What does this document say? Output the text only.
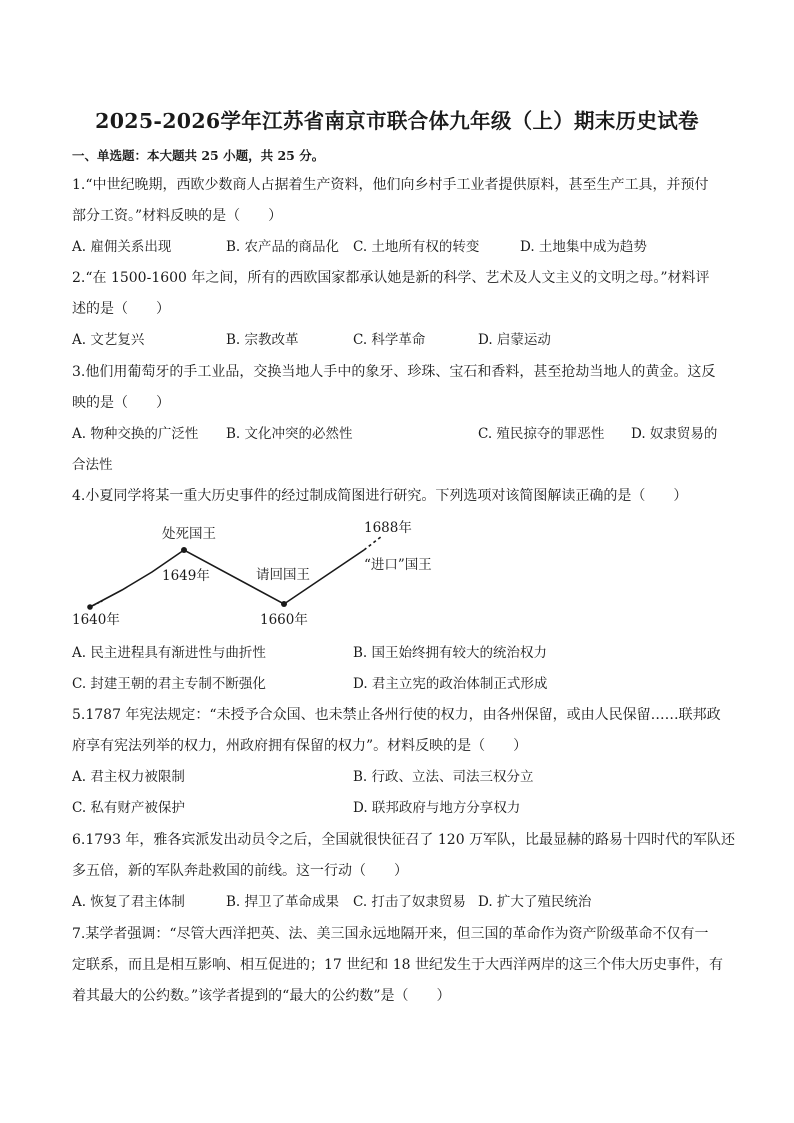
2025-2026学年江苏省南京市联合体九年级（上）期末历史试卷
一、单选题：本大题共 25 小题，共 25 分。
1.“中世纪晚期，西欧少数商人占据着生产资料，他们向乡村手工业者提供原料，甚至生产工具，并预付
部分工资。”材料反映的是（　　）
A. 雇佣关系出现	B. 农产品的商品化 C. 土地所有权的转变	D. 土地集中成为趋势
2.“在 1500-1600 年之间，所有的西欧国家都承认她是新的科学、艺术及人文主义的文明之母。”材料评
述的是（　　）
A. 文艺复兴	B. 宗教改革	C. 科学革命	D. 启蒙运动
3.他们用葡萄牙的手工业品，交换当地人手中的象牙、珍珠、宝石和香料，甚至抢劫当地人的黄金。这反
映的是（　　）
A. 物种交换的广泛性 B. 文化冲突的必然性	C. 殖民掠夺的罪恶性 D. 奴隶贸易的
合法性
4.小夏同学将某一重大历史事件的经过制成简图进行研究。下列选项对该简图解读正确的是（　　）
处死国王
1649年	请回国王
1688年
“进口”国王
1640年	1660年
A. 民主进程具有渐进性与曲折性	B. 国王始终拥有较大的统治权力
C. 封建王朝的君主专制不断强化	D. 君主立宪的政治体制正式形成
5.1787 年宪法规定：“未授予合众国、也未禁止各州行使的权力，由各州保留，或由人民保留……联邦政
府享有宪法列举的权力，州政府拥有保留的权力”。材料反映的是（　　）
A. 君主权力被限制	B. 行政、立法、司法三权分立
C. 私有财产被保护	D. 联邦政府与地方分享权力
6.1793 年，雅各宾派发出动员令之后，全国就很快征召了 120 万军队，比最显赫的路易十四时代的军队还
多五倍，新的军队奔赴救国的前线。这一行动（　　）
A. 恢复了君主体制	B. 捍卫了革命成果 C. 打击了奴隶贸易 D. 扩大了殖民统治
7.某学者强调：“尽管大西洋把英、法、美三国永远地隔开来，但三国的革命作为资产阶级革命不仅有一
定联系，而且是相互影响、相互促进的；17 世纪和 18 世纪发生于大西洋两岸的这三个伟大历史事件，有
着其最大的公约数。”该学者提到的“最大的公约数”是（　　）
